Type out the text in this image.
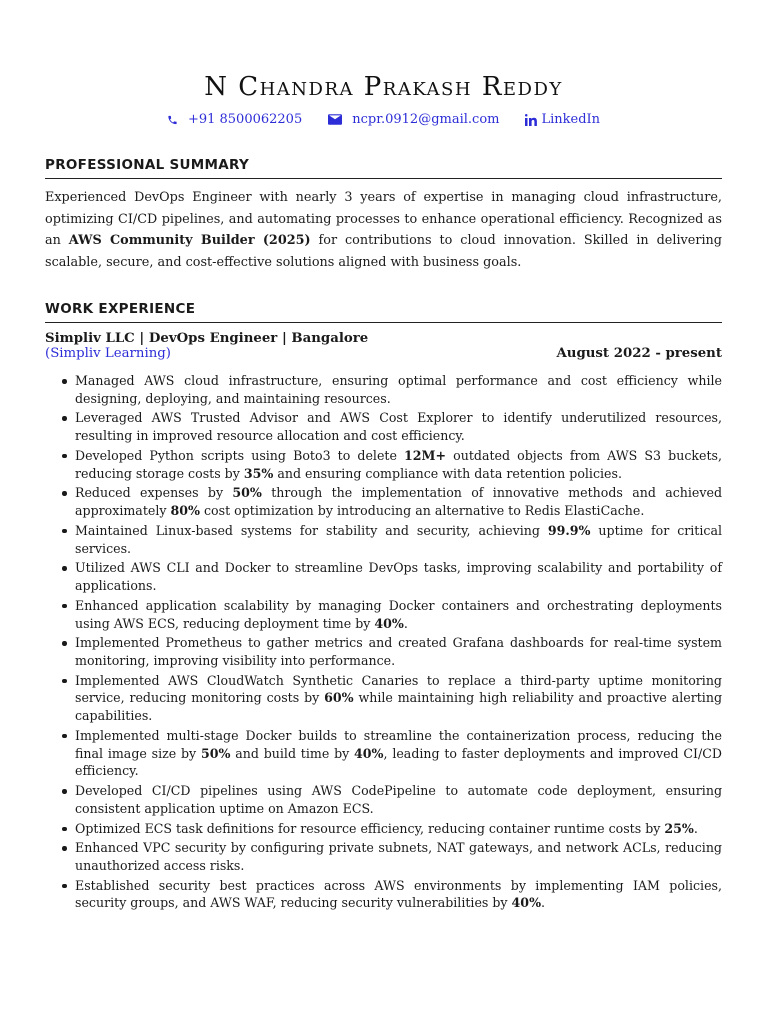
N Chandra Prakash Reddy
+91 8500062205	ncpr.0912@gmail.com	LinkedIn
PROFESSIONAL SUMMARY

Experienced DevOps Engineer with nearly 3 years of expertise in managing cloud infrastructure, optimizing CI/CD pipelines, and automating processes to enhance operational efficiency. Recognized as an AWS Community Builder (2025) for contributions to cloud innovation. Skilled in delivering scalable, secure, and cost-effective solutions aligned with business goals.

WORK EXPERIENCE
Simpliv LLC | DevOps Engineer | Bangalore
(Simpliv Learning)	August 2022 - present
Managed AWS cloud infrastructure, ensuring optimal performance and cost efficiency while designing, deploying, and maintaining resources.
Leveraged AWS Trusted Advisor and AWS Cost Explorer to identify underutilized resources, resulting in improved resource allocation and cost efficiency.
Developed Python scripts using Boto3 to delete 12M+ outdated objects from AWS S3 buckets, reducing storage costs by 35% and ensuring compliance with data retention policies.
Reduced expenses by 50% through the implementation of innovative methods and achieved approximately 80% cost optimization by introducing an alternative to Redis ElastiCache.
Maintained Linux-based systems for stability and security, achieving 99.9% uptime for critical services.
Utilized AWS CLI and Docker to streamline DevOps tasks, improving scalability and portability of applications.
Enhanced application scalability by managing Docker containers and orchestrating deployments using AWS ECS, reducing deployment time by 40%.
Implemented Prometheus to gather metrics and created Grafana dashboards for real-time system monitoring, improving visibility into performance.
Implemented AWS CloudWatch Synthetic Canaries to replace a third-party uptime monitoring service, reducing monitoring costs by 60% while maintaining high reliability and proactive alerting capabilities.
Implemented multi-stage Docker builds to streamline the containerization process, reducing the final image size by 50% and build time by 40%, leading to faster deployments and improved CI/CD efficiency.
Developed CI/CD pipelines using AWS CodePipeline to automate code deployment, ensuring consistent application uptime on Amazon ECS.
Optimized ECS task definitions for resource efficiency, reducing container runtime costs by 25%.
Enhanced VPC security by configuring private subnets, NAT gateways, and network ACLs, reducing unauthorized access risks.
Established security best practices across AWS environments by implementing IAM policies, security groups, and AWS WAF, reducing security vulnerabilities by 40%.
